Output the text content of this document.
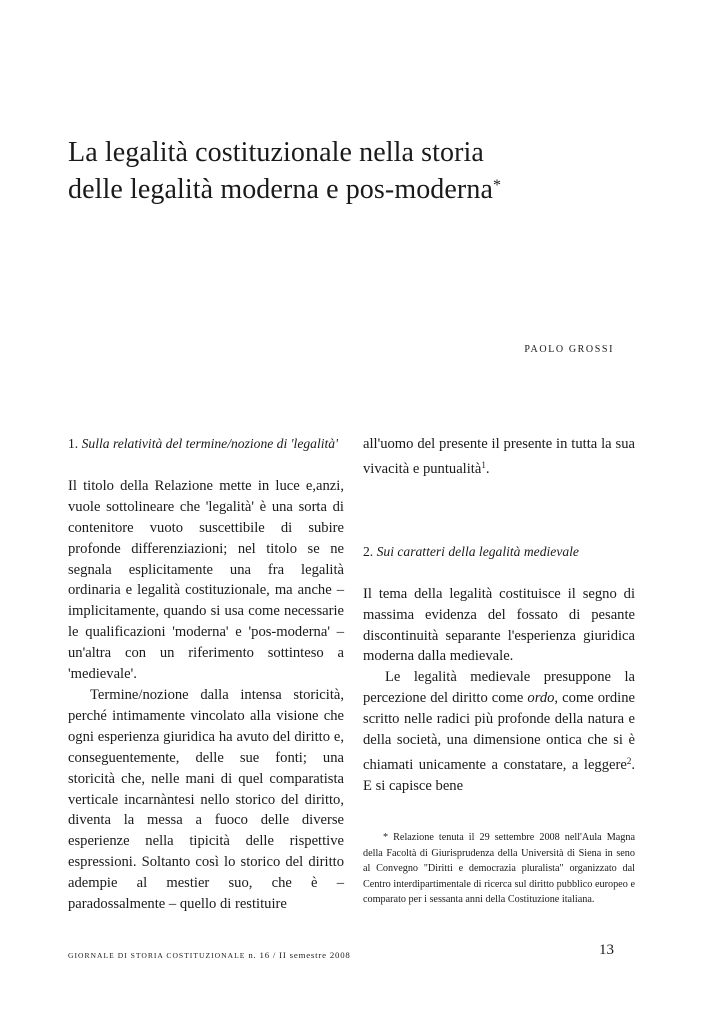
La legalità costituzionale nella storia
delle legalità moderna e pos-moderna*
PAOLO GROSSI

1. Sulla relatività del termine/nozione di 'legalità'

Il titolo della Relazione mette in luce e,anzi, vuole sottolineare che 'legalità' è una sorta di contenitore vuoto suscettibile di subire profonde differenziazioni; nel titolo se ne segnala esplicitamente una fra legalità ordinaria e legalità costituzionale, ma anche – implicitamente, quando si usa come necessarie le qualificazioni 'moderna' e 'pos-moderna' – un'altra con un riferimento sottinteso a 'medievale'.

Termine/nozione dalla intensa storicità, perché intimamente vincolato alla visione che ogni esperienza giuridica ha avuto del diritto e, conseguentemente, delle sue fonti; una storicità che, nelle mani di quel comparatista verticale incarnàntesi nello storico del diritto, diventa la messa a fuoco delle diverse esperienze nella tipicità delle rispettive espressioni. Soltanto così lo storico del diritto adempie al mestier suo, che è – paradossalmente – quello di restituire

all'uomo del presente il presente in tutta la sua vivacità e puntualità$^1$.

2. Sui caratteri della legalità medievale

Il tema della legalità costituisce il segno di massima evidenza del fossato di pesante discontinuità separante l'esperienza giuridica moderna dalla medievale.

Le legalità medievale presuppone la percezione del diritto come ordo, come ordine scritto nelle radici più profonde della natura e della società, una dimensione ontica che si è chiamati unicamente a constatare, a leggere$^2$. E si capisce bene

* Relazione tenuta il 29 settembre 2008 nell'Aula Magna della Facoltà di Giurisprudenza della Università di Siena in seno al Convegno "Diritti e democrazia pluralista" organizzato dal Centro interdipartimentale di ricerca sul diritto pubblico europeo e comparato per i sessanta anni della Costituzione italiana.
GIORNALE DI STORIA COSTITUZIONALE n. 16 / II semestre 2008	13
